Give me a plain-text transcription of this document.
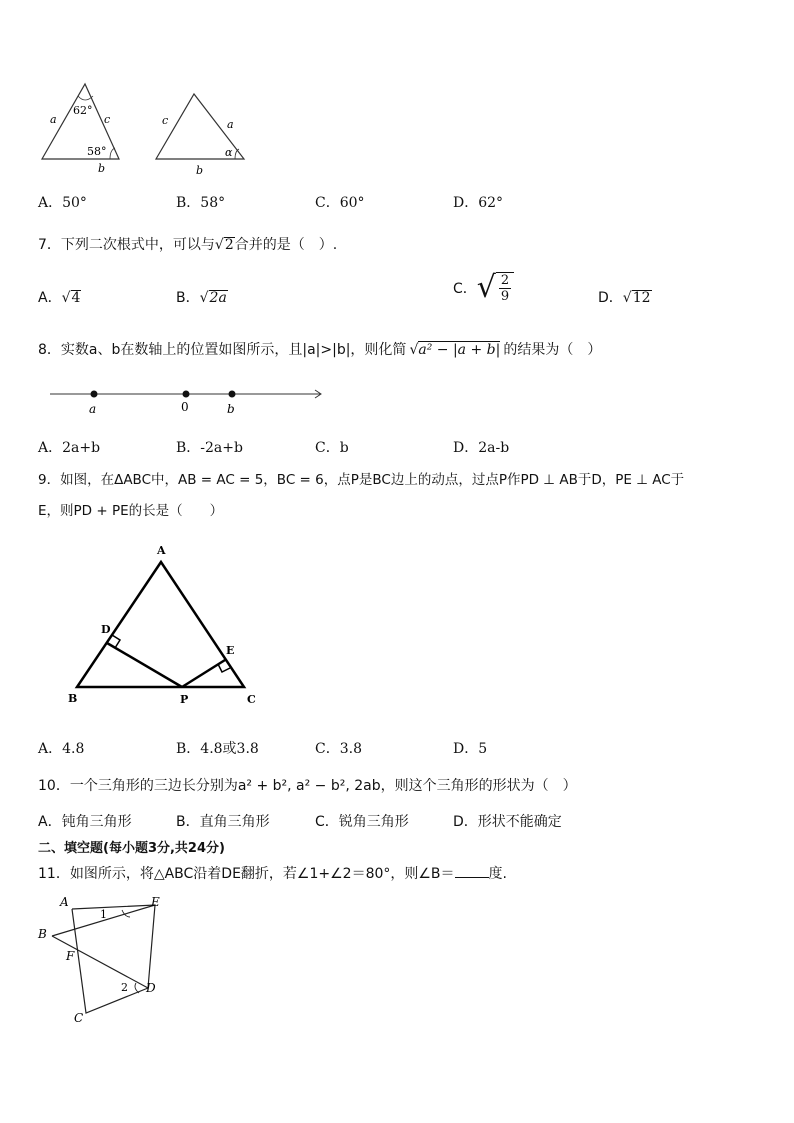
62°
58°
a	c
b
c	a
b
α
A．50°	B．58°	C．60°	D．62°
7．下列二次根式中，可以与√2合并的是（　）.
A．√4	B．√2a
C． √ $\frac{2}{9}$	D．√12
8．实数a、b在数轴上的位置如图所示，且|a|>|b|，则化简 √a² − |a + b| 的结果为（　）
a	0	b
A．2a+b	B．-2a+b	C．b	D．2a-b
9．如图，在ΔABC中，AB = AC = 5，BC = 6，点P是BC边上的动点，过点P作PD ⊥ AB于D，PE ⊥ AC于
E，则PD + PE的长是（　　）
A
D
E
B	P	C
A．4.8	B．4.8或3.8	C．3.8	D．5
10．一个三角形的三边长分别为a² + b², a² − b², 2ab，则这个三角形的形状为（　）
A．钝角三角形	B．直角三角形	C．锐角三角形	D．形状不能确定
二、填空题(每小题3分,共24分)
11．如图所示，将△ABC沿着DE翻折，若∠1+∠2＝80°，则∠B＝ 度.
A	E
B
F
D
C
1
2
